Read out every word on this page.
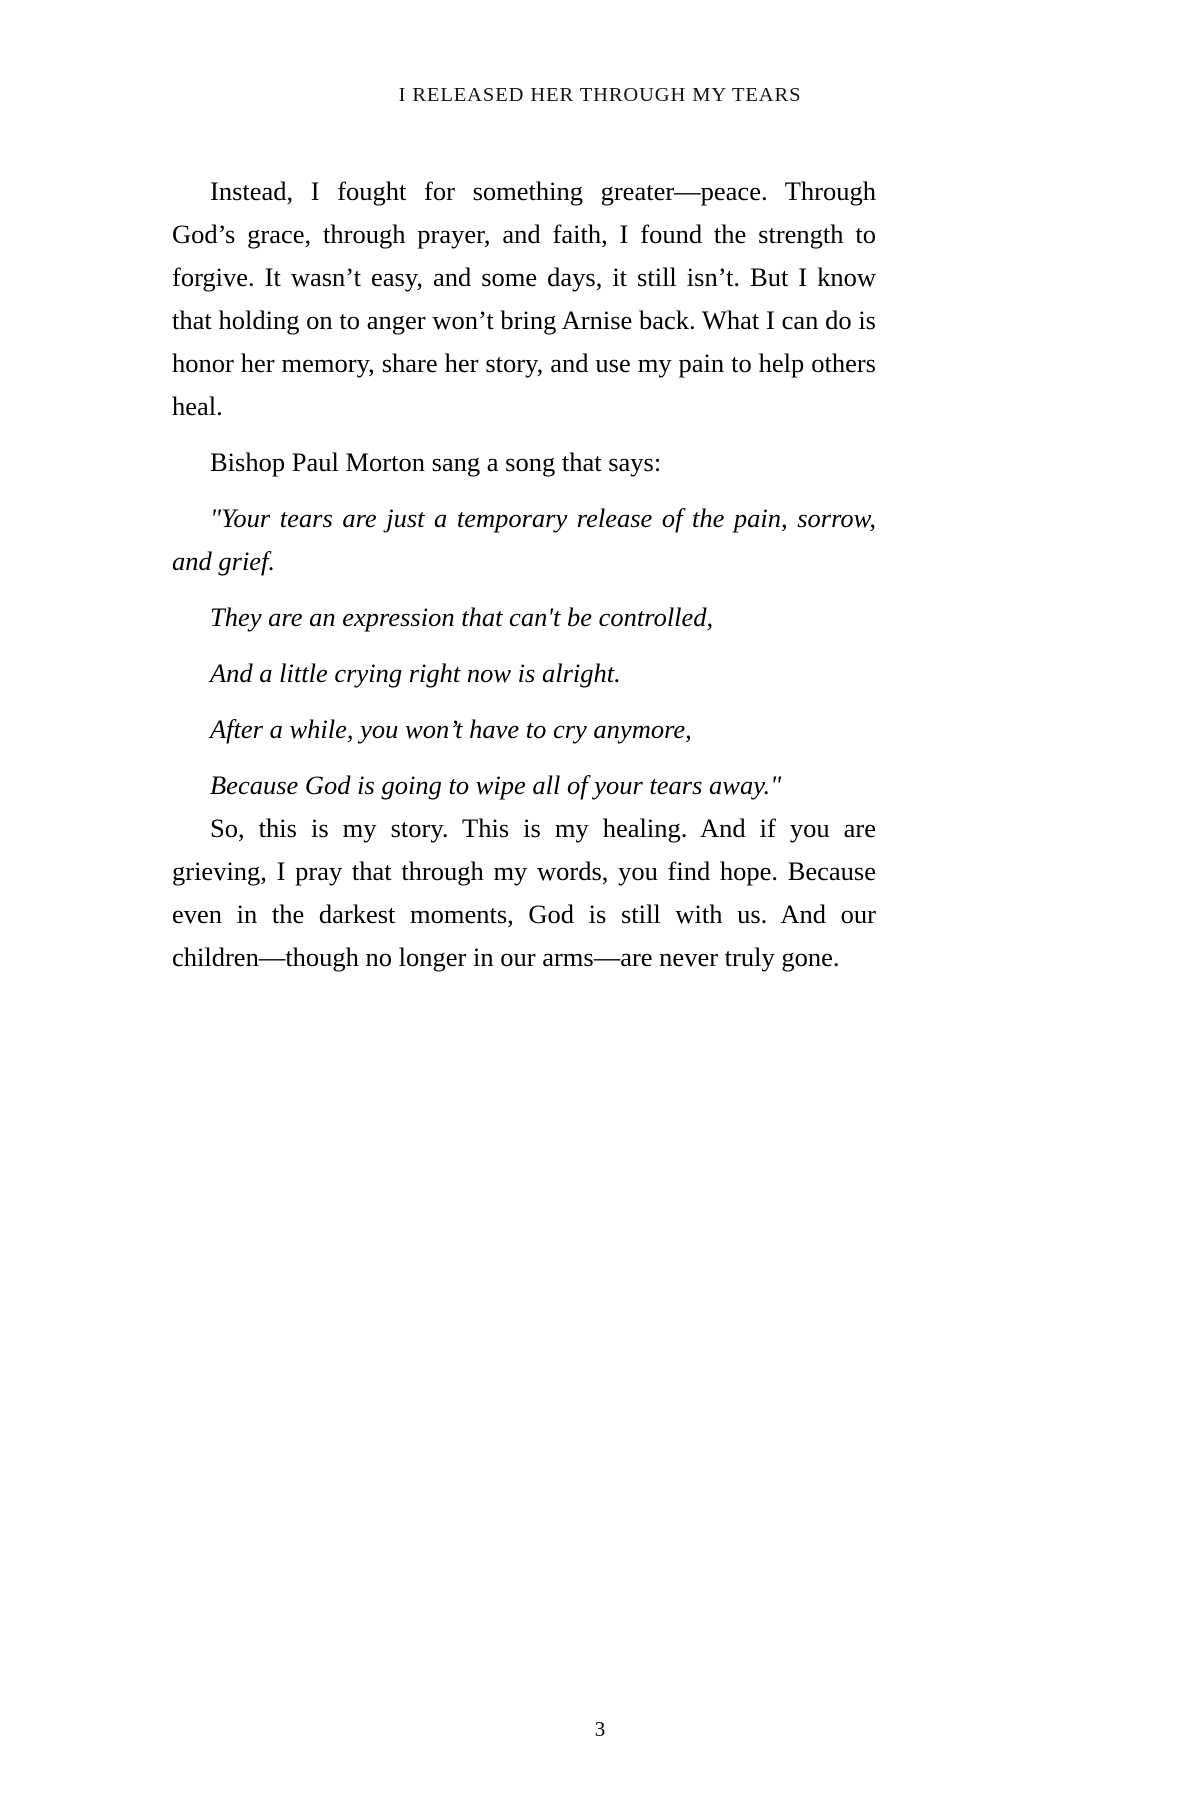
I RELEASED HER THROUGH MY TEARS

Instead, I fought for something greater—peace. Through God’s grace, through prayer, and faith, I found the strength to forgive. It wasn’t easy, and some days, it still isn’t. But I know that holding on to anger won’t bring Arnise back. What I can do is honor her memory, share her story, and use my pain to help others heal.

Bishop Paul Morton sang a song that says:

"Your tears are just a temporary release of the pain, sorrow, and grief.

They are an expression that can't be controlled,

And a little crying right now is alright.

After a while, you won’t have to cry anymore,

Because God is going to wipe all of your tears away."

So, this is my story. This is my healing. And if you are grieving, I pray that through my words, you find hope. Because even in the darkest moments, God is still with us. And our children—though no longer in our arms—are never truly gone.

3
